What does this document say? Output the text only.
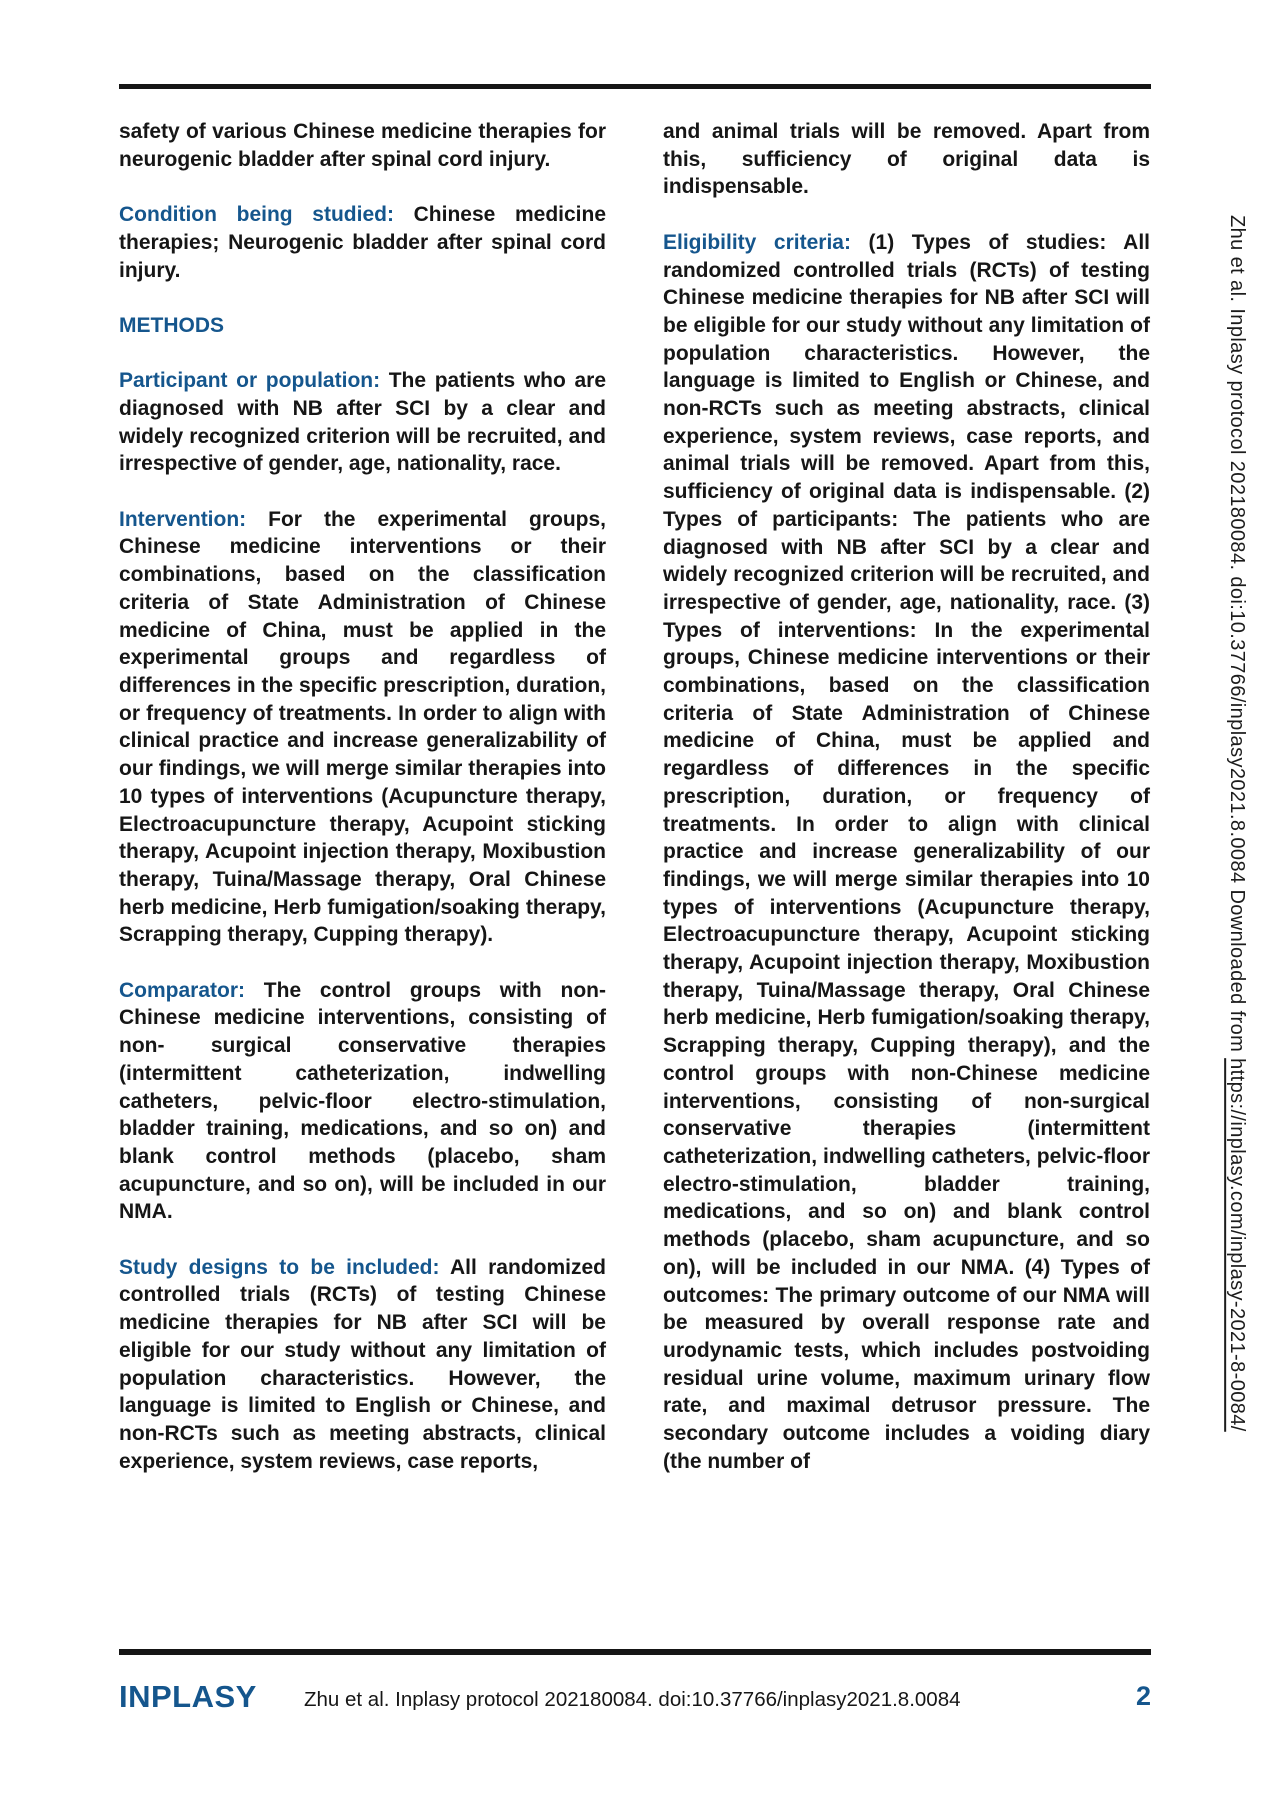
safety of various Chinese medicine therapies for neurogenic bladder after spinal cord injury.

Condition being studied: Chinese medicine therapies; Neurogenic bladder after spinal cord injury.

METHODS

Participant or population: The patients who are diagnosed with NB after SCI by a clear and widely recognized criterion will be recruited, and irrespective of gender, age, nationality, race.

Intervention: For the experimental groups, Chinese medicine interventions or their combinations, based on the classification criteria of State Administration of Chinese medicine of China, must be applied in the experimental groups and regardless of differences in the specific prescription, duration, or frequency of treatments. In order to align with clinical practice and increase generalizability of our findings, we will merge similar therapies into 10 types of interventions (Acupuncture therapy, Electroacupuncture therapy, Acupoint sticking therapy, Acupoint injection therapy, Moxibustion therapy, Tuina/Massage therapy, Oral Chinese herb medicine, Herb fumigation/soaking therapy, Scrapping therapy, Cupping therapy).

Comparator: The control groups with non-Chinese medicine interventions, consisting of non- surgical conservative therapies (intermittent catheterization, indwelling catheters, pelvic-floor electro-stimulation, bladder training, medications, and so on) and blank control methods (placebo, sham acupuncture, and so on), will be included in our NMA.

Study designs to be included: All randomized controlled trials (RCTs) of testing Chinese medicine therapies for NB after SCI will be eligible for our study without any limitation of population characteristics. However, the language is limited to English or Chinese, and non-RCTs such as meeting abstracts, clinical experience, system reviews, case reports,

and animal trials will be removed. Apart from this, sufficiency of original data is indispensable.

Eligibility criteria: (1) Types of studies: All randomized controlled trials (RCTs) of testing Chinese medicine therapies for NB after SCI will be eligible for our study without any limitation of population characteristics. However, the language is limited to English or Chinese, and non-RCTs such as meeting abstracts, clinical experience, system reviews, case reports, and animal trials will be removed. Apart from this, sufficiency of original data is indispensable. (2) Types of participants: The patients who are diagnosed with NB after SCI by a clear and widely recognized criterion will be recruited, and irrespective of gender, age, nationality, race. (3) Types of interventions: In the experimental groups, Chinese medicine interventions or their combinations, based on the classification criteria of State Administration of Chinese medicine of China, must be applied and regardless of differences in the specific prescription, duration, or frequency of treatments. In order to align with clinical practice and increase generalizability of our findings, we will merge similar therapies into 10 types of interventions (Acupuncture therapy, Electroacupuncture therapy, Acupoint sticking therapy, Acupoint injection therapy, Moxibustion therapy, Tuina/Massage therapy, Oral Chinese herb medicine, Herb fumigation/soaking therapy, Scrapping therapy, Cupping therapy), and the control groups with non-Chinese medicine interventions, consisting of non-surgical conservative therapies (intermittent catheterization, indwelling catheters, pelvic-floor electro-stimulation, bladder training, medications, and so on) and blank control methods (placebo, sham acupuncture, and so on), will be included in our NMA. (4) Types of outcomes: The primary outcome of our NMA will be measured by overall response rate and urodynamic tests, which includes postvoiding residual urine volume, maximum urinary flow rate, and maximal detrusor pressure. The secondary outcome includes a voiding diary (the number of

Zhu et al. Inplasy protocol 202180084. doi:10.37766/inplasy2021.8.0084 Downloaded from https://inplasy.com/inplasy-2021-8-0084/
INPLASY Zhu et al. Inplasy protocol 202180084. doi:10.37766/inplasy2021.8.0084	2
